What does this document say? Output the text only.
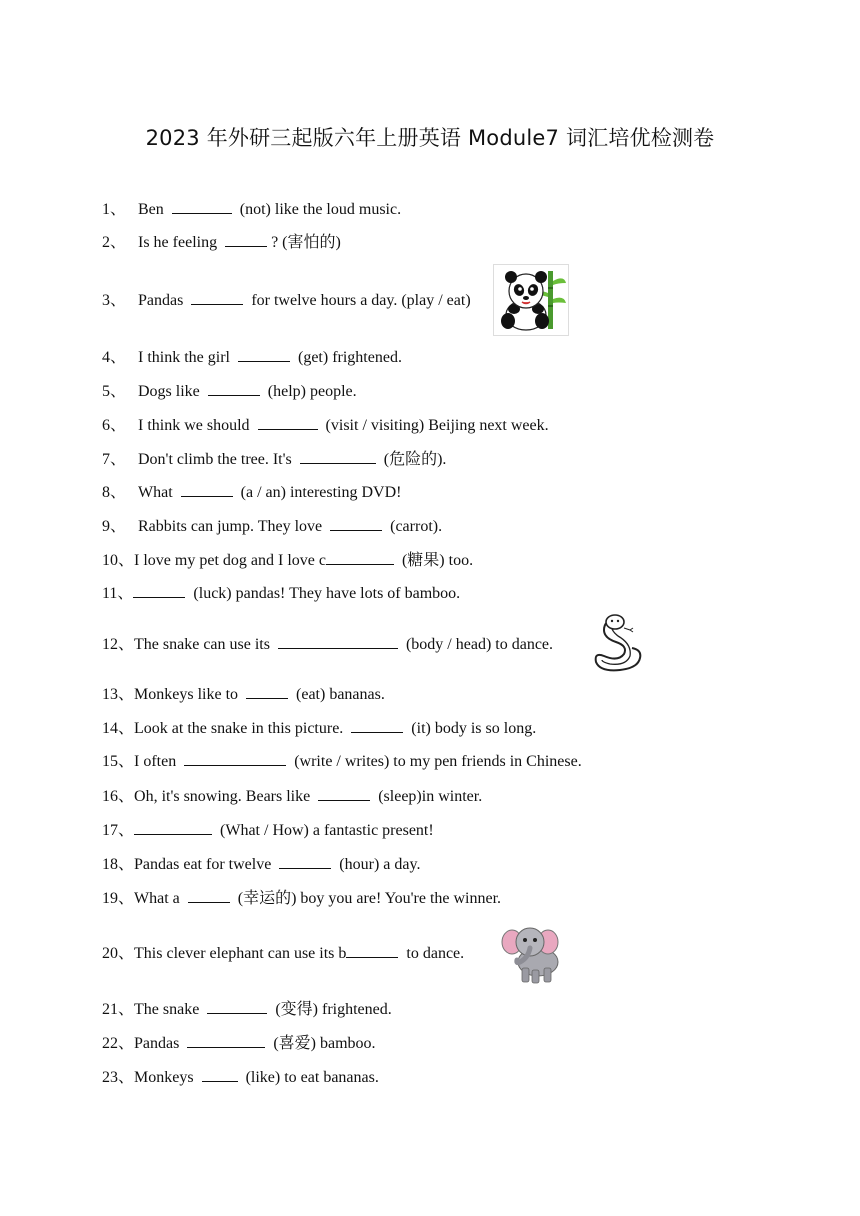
2023 年外研三起版六年上册英语 Module7 词汇培优检测卷
1、 Ben	(not) like the loud music.
2、 Is he feeling	? (害怕的)
3、 Pandas	for twelve hours a day. (play / eat)
4、 I think the girl	(get) frightened.
5、 Dogs like	(help) people.
6、 I think we should	(visit / visiting) Beijing next week.
7、 Don't climb the tree. It's	(危险的).
8、 What	(a / an) interesting DVD!
9、 Rabbits can jump. They love	(carrot).
10、I love my pet dog and I love c	(糖果) too.
11、	(luck) pandas! They have lots of bamboo.
12、The snake can use its	(body / head) to dance.
13、Monkeys like to	(eat) bananas.
14、Look at the snake in this picture.	(it) body is so long.
15、I often	(write / writes) to my pen friends in Chinese.
16、Oh, it's snowing. Bears like	(sleep)in winter.
17、	(What / How) a fantastic present!
18、Pandas eat for twelve	(hour) a day.
19、What a	(幸运的) boy you are! You're the winner.
20、This clever elephant can use its b	to dance.
21、The snake	(变得) frightened.
22、Pandas	(喜爱) bamboo.
23、Monkeys	(like) to eat bananas.
